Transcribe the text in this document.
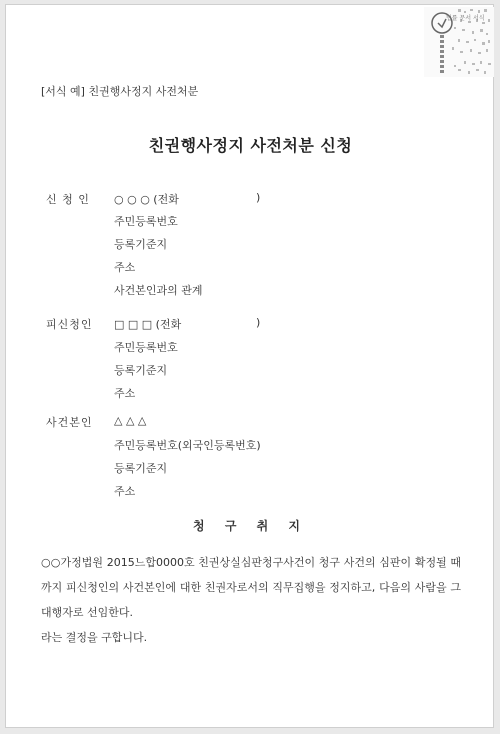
법률 문서 서식
[서식 예] 친권행사정지 사전처분
친권행사정지 사전처분 신청
신 청 인 ○ ○ ○ (전화	)
주민등록번호
등록기준지
주소
사건본인과의 관계
피신청인 □ □ □ (전화	)
주민등록번호
등록기준지
주소
사건본인 △ △ △
주민등록번호(외국인등록번호)
등록기준지
주소
청 구 취 지
○○가정법원 2015느합0000호 친권상실심판청구사건이 청구 사건의 심판이 확정될 때까지 피신청인의 사건본인에 대한 친권자로서의 직무집행을 정지하고, 다음의 사람을 그 대행자로 선임한다.
라는 결정을 구합니다.
